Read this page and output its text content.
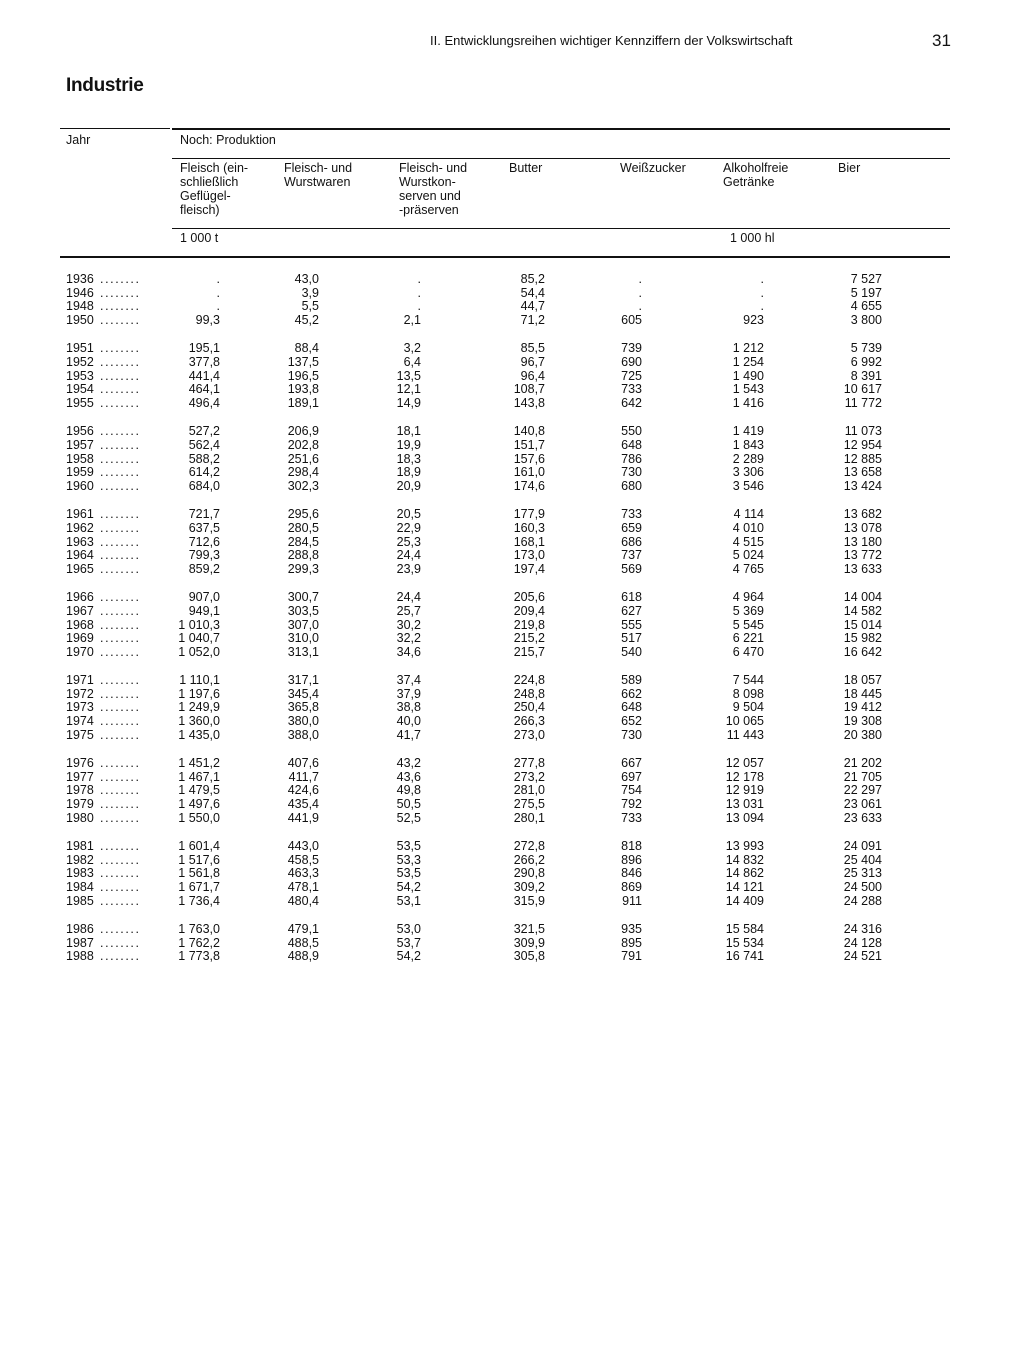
II. Entwicklungsreihen wichtiger Kennziffern der Volkswirtschaft	31
Industrie
Jahr	Noch: Produktion
Fleisch (ein-
schließlich
Geflügel-
fleisch)
Fleisch- und
Wurstwaren
Fleisch- und
Wurstkon-
serven und
-präserven
Butter	Weißzucker	Alkoholfreie
Getränke
Bier
1 000 t	1 000 hl
1936 ........	.	43,0	.	85,2	.	.	7 527
1946 ........	.	3,9	.	54,4	.	.	5 197
1948 ........	.	5,5	.	44,7	.	.	4 655
1950 ........	99,3	45,2	2,1	71,2	605	923	3 800
1951 ........	195,1	88,4	3,2	85,5	739	1 212	5 739
1952 ........	377,8	137,5	6,4	96,7	690	1 254	6 992
1953 ........	441,4	196,5	13,5	96,4	725	1 490	8 391
1954 ........	464,1	193,8	12,1	108,7	733	1 543	10 617
1955 ........	496,4	189,1	14,9	143,8	642	1 416	11 772
1956 ........	527,2	206,9	18,1	140,8	550	1 419	11 073
1957 ........	562,4	202,8	19,9	151,7	648	1 843	12 954
1958 ........	588,2	251,6	18,3	157,6	786	2 289	12 885
1959 ........	614,2	298,4	18,9	161,0	730	3 306	13 658
1960 ........	684,0	302,3	20,9	174,6	680	3 546	13 424
1961 ........	721,7	295,6	20,5	177,9	733	4 114	13 682
1962 ........	637,5	280,5	22,9	160,3	659	4 010	13 078
1963 ........	712,6	284,5	25,3	168,1	686	4 515	13 180
1964 ........	799,3	288,8	24,4	173,0	737	5 024	13 772
1965 ........	859,2	299,3	23,9	197,4	569	4 765	13 633
1966 ........	907,0	300,7	24,4	205,6	618	4 964	14 004
1967 ........	949,1	303,5	25,7	209,4	627	5 369	14 582
1968 ........	1 010,3	307,0	30,2	219,8	555	5 545	15 014
1969 ........	1 040,7	310,0	32,2	215,2	517	6 221	15 982
1970 ........	1 052,0	313,1	34,6	215,7	540	6 470	16 642
1971 ........	1 110,1	317,1	37,4	224,8	589	7 544	18 057
1972 ........	1 197,6	345,4	37,9	248,8	662	8 098	18 445
1973 ........	1 249,9	365,8	38,8	250,4	648	9 504	19 412
1974 ........	1 360,0	380,0	40,0	266,3	652	10 065	19 308
1975 ........	1 435,0	388,0	41,7	273,0	730	11 443	20 380
1976 ........	1 451,2	407,6	43,2	277,8	667	12 057	21 202
1977 ........	1 467,1	411,7	43,6	273,2	697	12 178	21 705
1978 ........	1 479,5	424,6	49,8	281,0	754	12 919	22 297
1979 ........	1 497,6	435,4	50,5	275,5	792	13 031	23 061
1980 ........	1 550,0	441,9	52,5	280,1	733	13 094	23 633
1981 ........	1 601,4	443,0	53,5	272,8	818	13 993	24 091
1982 ........	1 517,6	458,5	53,3	266,2	896	14 832	25 404
1983 ........	1 561,8	463,3	53,5	290,8	846	14 862	25 313
1984 ........	1 671,7	478,1	54,2	309,2	869	14 121	24 500
1985 ........	1 736,4	480,4	53,1	315,9	911	14 409	24 288
1986 ........	1 763,0	479,1	53,0	321,5	935	15 584	24 316
1987 ........	1 762,2	488,5	53,7	309,9	895	15 534	24 128
1988 ........	1 773,8	488,9	54,2	305,8	791	16 741	24 521
